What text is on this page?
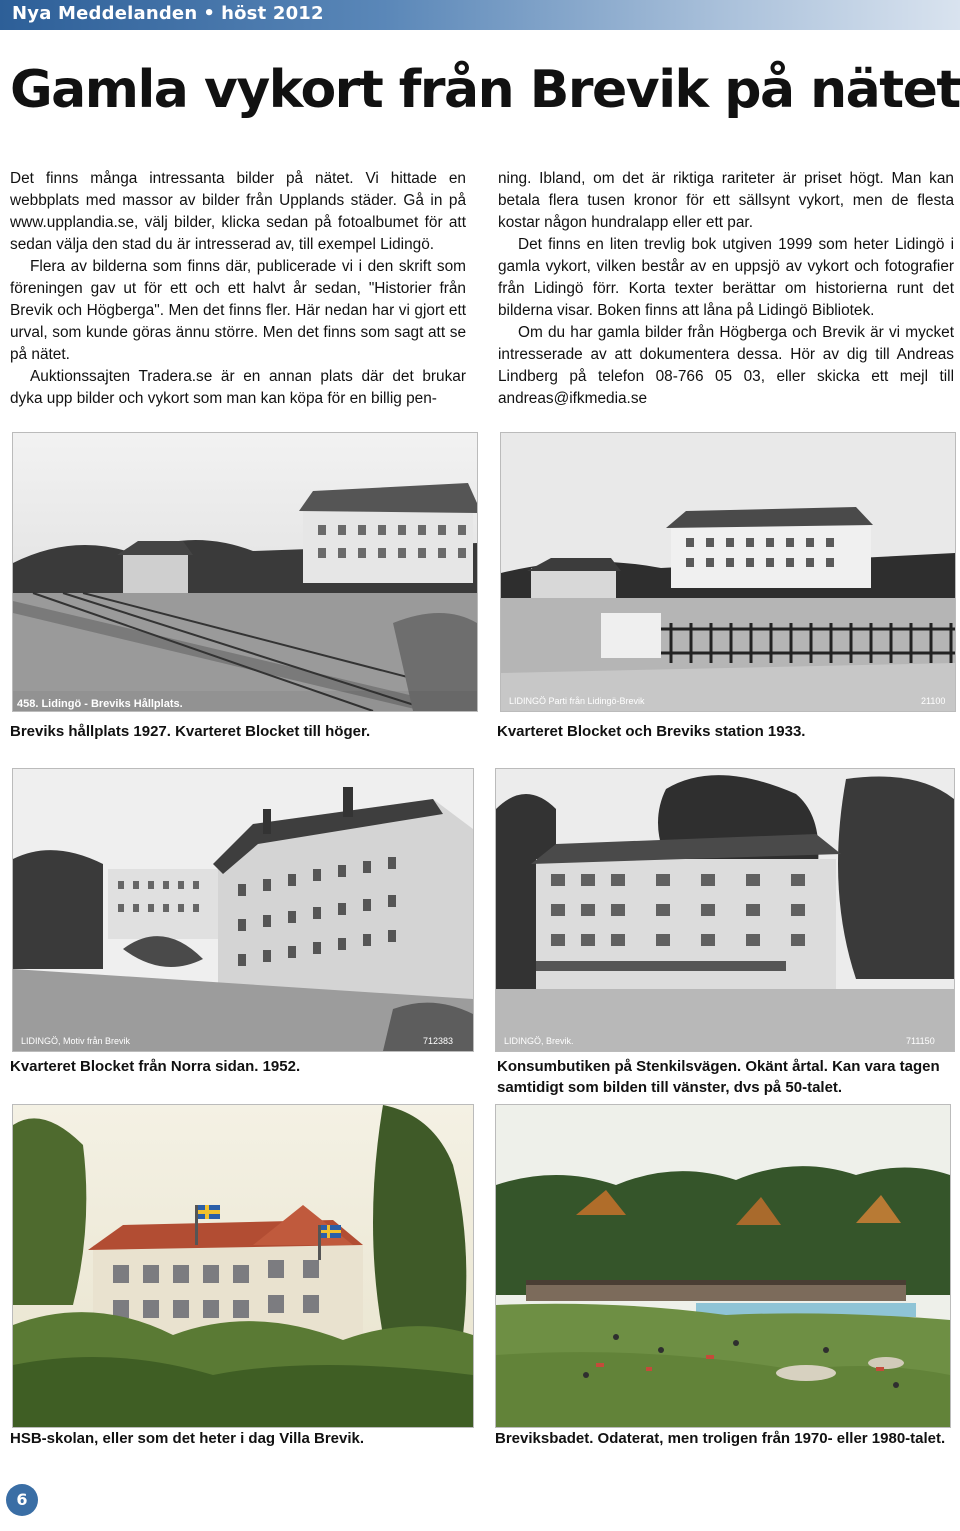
Nya Meddelanden • höst 2012
Gamla vykort från Brevik på nätet

Det finns många intressanta bilder på nätet. Vi hittade en webbplats med massor av bilder från Upplands städer. Gå in på www.upplandia.se, välj bilder, klicka sedan på fotoalbumet för att sedan välja den stad du är intresserad av, till exempel Lidingö.

Flera av bilderna som finns där, publicerade vi i den skrift som föreningen gav ut för ett och ett halvt år sedan, "Historier från Brevik och Högberga". Men det finns fler. Här nedan har vi gjort ett urval, som kunde göras ännu större. Men det finns som sagt att se på nätet.

Auktionssajten Tradera.se är en annan plats där det brukar dyka upp bilder och vykort som man kan köpa för en billig pen-

ning. Ibland, om det är riktiga rariteter är priset högt. Man kan betala flera tusen kronor för ett sällsynt vykort, men de flesta kostar någon hundralapp eller ett par.

Det finns en liten trevlig bok utgiven 1999 som heter Lidingö i gamla vykort, vilken består av en uppsjö av vykort och fotografier från Lidingö förr. Korta texter berättar om historierna runt det bilderna visar. Boken finns att låna på Lidingö Bibliotek.

Om du har gamla bilder från Högberga och Brevik är vi mycket intresserade av att dokumentera dessa. Hör av dig till Andreas Lindberg på telefon 08-766 05 03, eller skicka ett mejl till andreas@ifkmedia.se

458. Lidingö - Breviks Hållplats.
Breviks hållplats 1927. Kvarteret Blocket till höger.
LIDINGÖ Parti från Lidingö-Brevik	21100
Kvarteret Blocket och Breviks station 1933.
LIDINGÖ, Motiv från Brevik	712383
Kvarteret Blocket från Norra sidan. 1952.
LIDINGÖ, Brevik.	711150
Konsumbutiken på Stenkilsvägen. Okänt årtal. Kan vara tagen samtidigt som bilden till vänster, dvs på 50-talet.
HSB-skolan, eller som det heter i dag Villa Brevik.	Breviksbadet. Odaterat, men troligen från 1970- eller 1980-talet.
6
